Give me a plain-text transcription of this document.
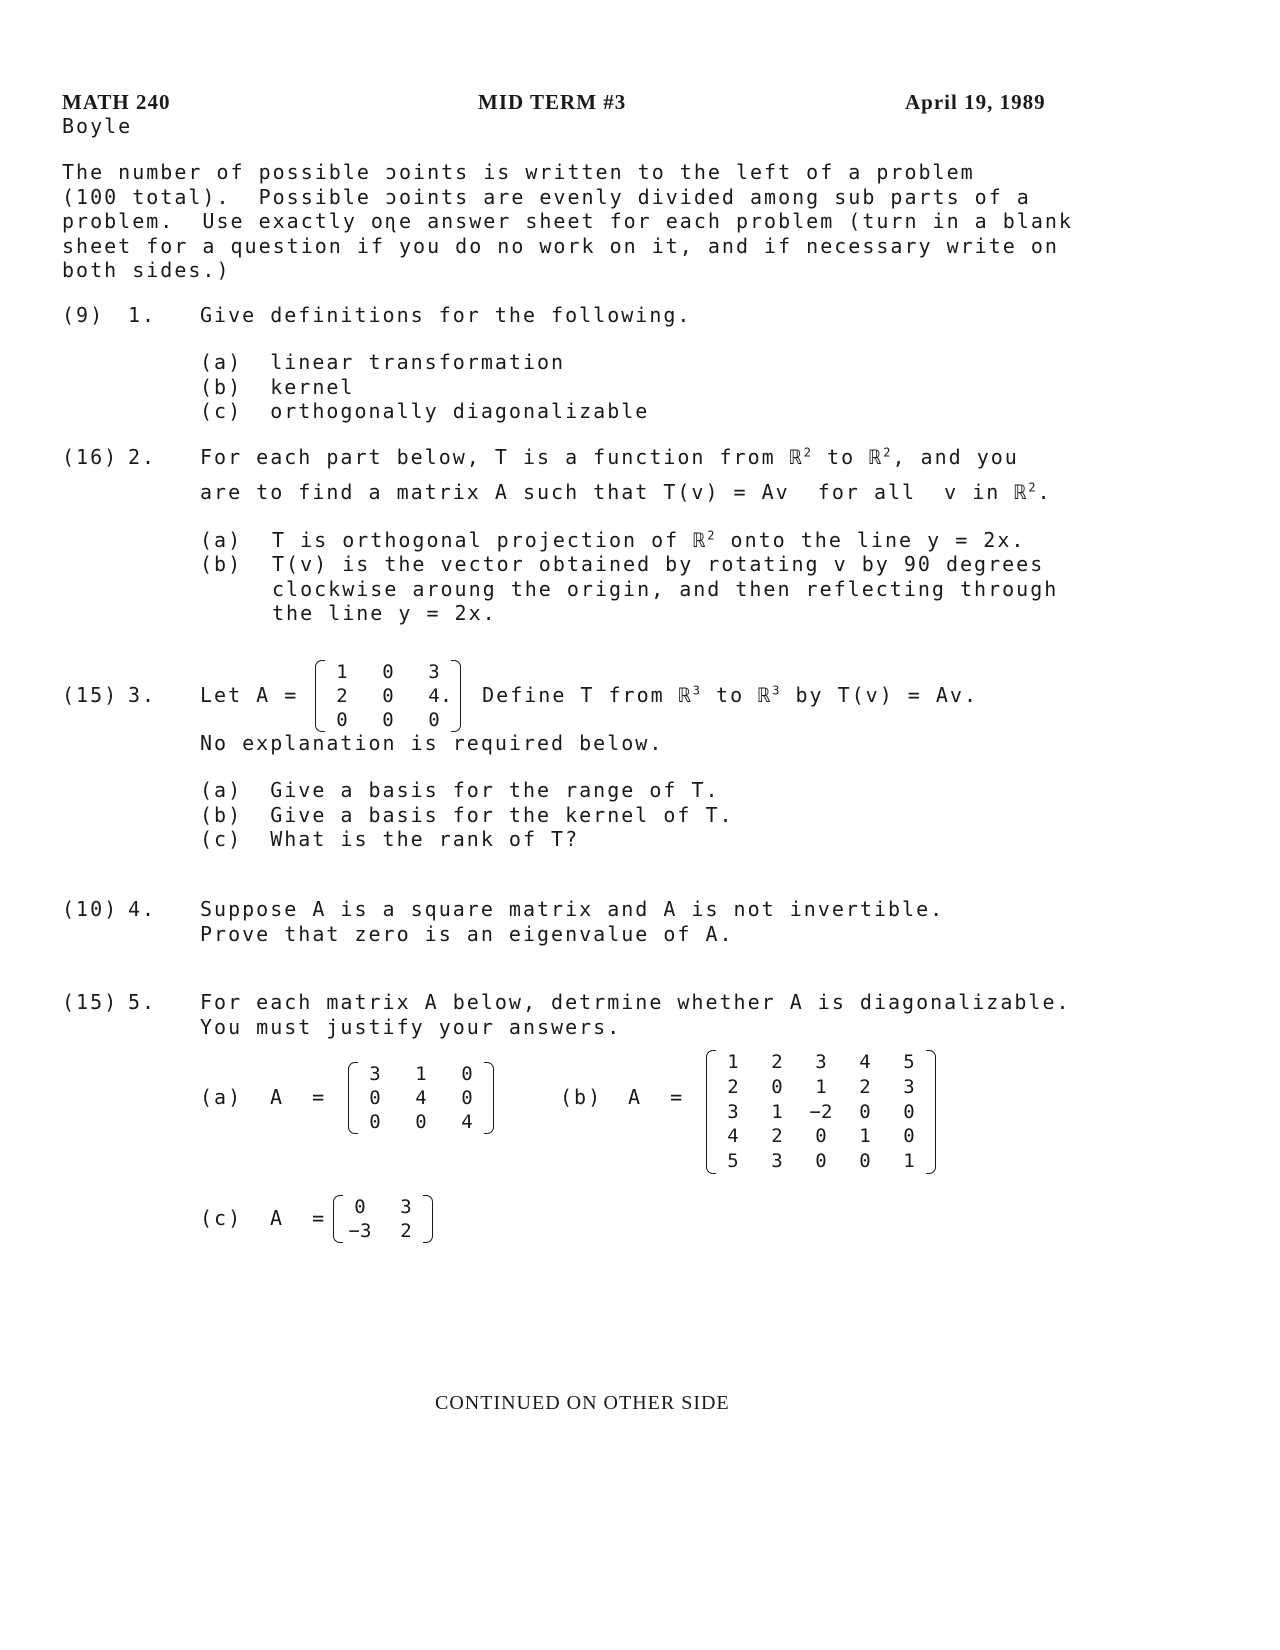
MATH 240	MID TERM #3	April 19, 1989
Boyle
The number of possible ɔoints is written to the left of a problem
(100 total).  Possible ɔoints are evenly divided among sub parts of a
problem.  Use exactly oɳe answer sheet for each problem (turn in a blank
sheet for a question if you do no work on it, and if necessary write on
both sides.)
(9) 1. Give definitions for the following.
(a) linear transformation
(b) kernel
(c) orthogonally diagonalizable
(16) 2. For each part below, T is a function from ℝ$^2$ to ℝ$^2$, and you
are to find a matrix A such that T(v) = Av  for all  v in ℝ$^2$.
(a) T is orthogonal projection of ℝ$^2$ onto the line y = 2x.
(b) T(v) is the vector obtained by rotating v by 90 degrees
clockwise aroung the origin, and then reflecting through
the line y = 2x.
(15) 3. Let A =
1	0	3
2	0	4
0	0	0
.  Define T from ℝ$^3$ to ℝ$^3$ by T(v) = Av.
No explanation is required below.
(a) Give a basis for the range of T.
(b) Give a basis for the kernel of T.
(c) What is the rank of T?
(10) 4. Suppose A is a square matrix and A is not invertible.
Prove that zero is an eigenvalue of A.
(15) 5. For each matrix A below, detrmine whether A is diagonalizable.
You must justify your answers.
(a) A  =
3	1	0
0	4	0
0	0	4
(b) A  =
1	2	3	4	5
2	0	1	2	3
3	1	−2	0	0
4	2	0	1	0
5	3	0	0	1
(c) A  =	0	3
−3	2
CONTINUED ON OTHER SIDE
